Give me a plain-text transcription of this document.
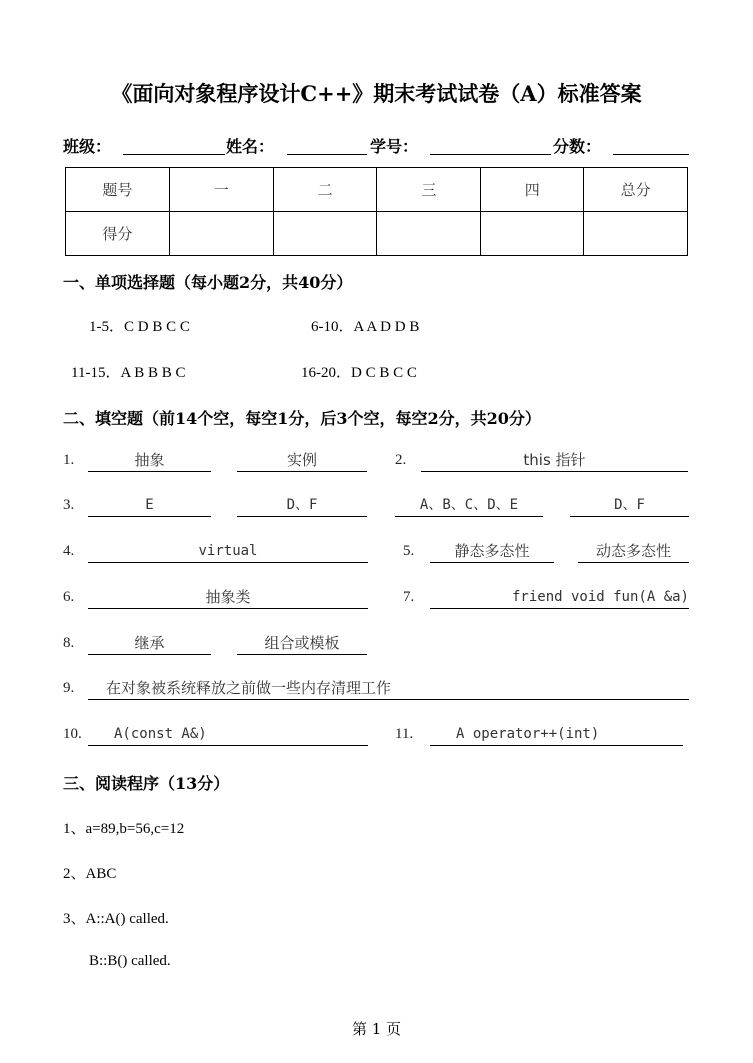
《面向对象程序设计C++》期末考试试卷（A）标准答案
班级：	姓名：	学号：	分数：
题号	一	二	三	四	总分
得分					
一、单项选择题（每小题2分，共40分）
1-5．C D B C C	6-10．A A D D B
11-15．A B B B C	16-20．D C B C C
二、填空题（前14个空，每空1分，后3个空，每空2分，共20分）
1.	抽象	实例	2.	this 指针
3.	E	D、F	A、B、C、D、E	D、F
4.	virtual	5.	静态多态性	动态多态性
6.	抽象类	7.	friend void fun(A &a)
8.	继承	组合或模板
9.	在对象被系统释放之前做一些内存清理工作
10.	A(const A&)	11.	A operator++(int)
三、阅读程序（13分）
1、a=89,b=56,c=12
2、ABC
3、A::A() called.
B::B() called.
第 1 页
